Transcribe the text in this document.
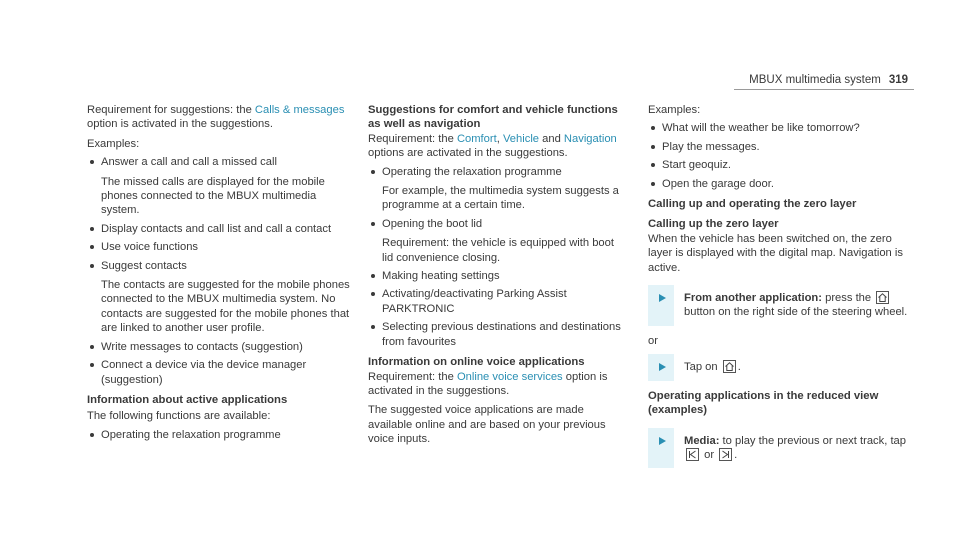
MBUX multimedia system 319

Requirement for suggestions: the Calls & messages option is activated in the suggestions.

Examples:

Answer a call and call a missed call
The missed calls are displayed for the mobile phones connected to the MBUX multimedia system.
Display contacts and call list and call a contact
Use voice functions
Suggest contacts
The contacts are suggested for the mobile phones connected to the MBUX multimedia system. No contacts are suggested for the mobile phones that are linked to another user profile.
Write messages to contacts (suggestion)
Connect a device via the device manager (suggestion)
Information about active applications

The following functions are available:

Operating the relaxation programme
Suggestions for comfort and vehicle functions as well as navigation

Requirement: the Comfort, Vehicle and Navigation options are activated in the suggestions.

Operating the relaxation programme
For example, the multimedia system suggests a programme at a certain time.
Opening the boot lid
Requirement: the vehicle is equipped with boot lid convenience closing.
Making heating settings
Activating/deactivating Parking Assist PARKTRONIC
Selecting previous destinations and destinations from favourites
Information on online voice applications

Requirement: the Online voice services option is activated in the suggestions.

The suggested voice applications are made available online and are based on your previous voice inputs.

Examples:

What will the weather be like tomorrow?
Play the messages.
Start geoquiz.
Open the garage door.
Calling up and operating the zero layer
Calling up the zero layer

When the vehicle has been switched on, the zero layer is displayed with the digital map. Navigation is active.

From another application: press the
button on the right side of the steering wheel.

or

Tap on
.
Operating applications in the reduced view (examples)
Media: to play the previous or next track, tap
or
.
